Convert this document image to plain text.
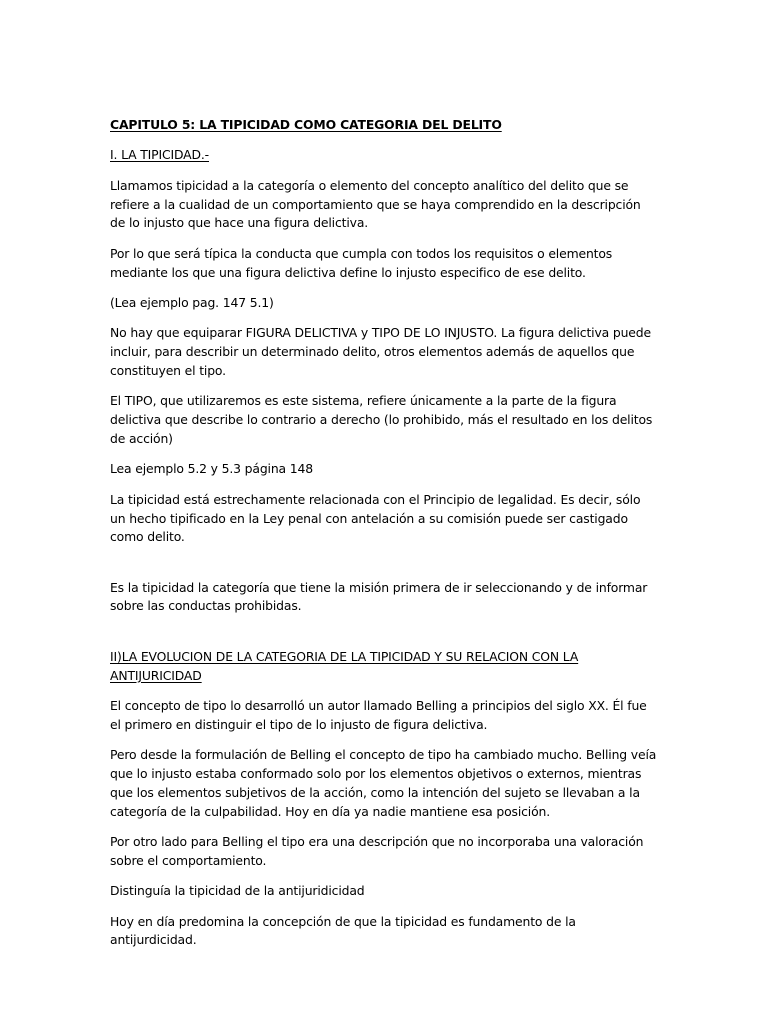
CAPITULO 5: LA TIPICIDAD COMO CATEGORIA DEL DELITO

I. LA TIPICIDAD.-

Llamamos tipicidad a la categoría o elemento del concepto analítico del delito que se refiere a la cualidad de un comportamiento que se haya comprendido en la descripción de lo injusto que hace una figura delictiva.

Por lo que será típica la conducta que cumpla con todos los requisitos o elementos mediante los que una figura delictiva define lo injusto especifico de ese delito.

(Lea ejemplo pag. 147 5.1)

No hay que equiparar FIGURA DELICTIVA y TIPO DE LO INJUSTO. La figura delictiva puede incluir, para describir un determinado delito, otros elementos además de aquellos que constituyen el tipo.

El TIPO, que utilizaremos es este sistema, refiere únicamente a la parte de la figura delictiva que describe lo contrario a derecho (lo prohibido, más el resultado en los delitos de acción)

Lea ejemplo 5.2 y 5.3 página 148

La tipicidad está estrechamente relacionada con el Principio de legalidad. Es decir, sólo un hecho tipificado en la Ley penal con antelación a su comisión puede ser castigado como delito.

Es la tipicidad la categoría que tiene la misión primera de ir seleccionando y de informar sobre las conductas prohibidas.

II)LA EVOLUCION DE LA CATEGORIA DE LA TIPICIDAD Y SU RELACION CON LA ANTIJURICIDAD

El concepto de tipo lo desarrolló un autor llamado Belling a principios del siglo XX. Él fue el primero en distinguir el tipo de lo injusto de figura delictiva.

Pero desde la formulación de Belling el concepto de tipo ha cambiado mucho. Belling veía que lo injusto estaba conformado solo por los elementos objetivos o externos, mientras que los elementos subjetivos de la acción, como la intención del sujeto se llevaban a la categoría de la culpabilidad. Hoy en día ya nadie mantiene esa posición.

Por otro lado para Belling el tipo era una descripción que no incorporaba una valoración sobre el comportamiento.

Distinguía la tipicidad de la antijuridicidad

Hoy en día predomina la concepción de que la tipicidad es fundamento de la antijurdicidad.
